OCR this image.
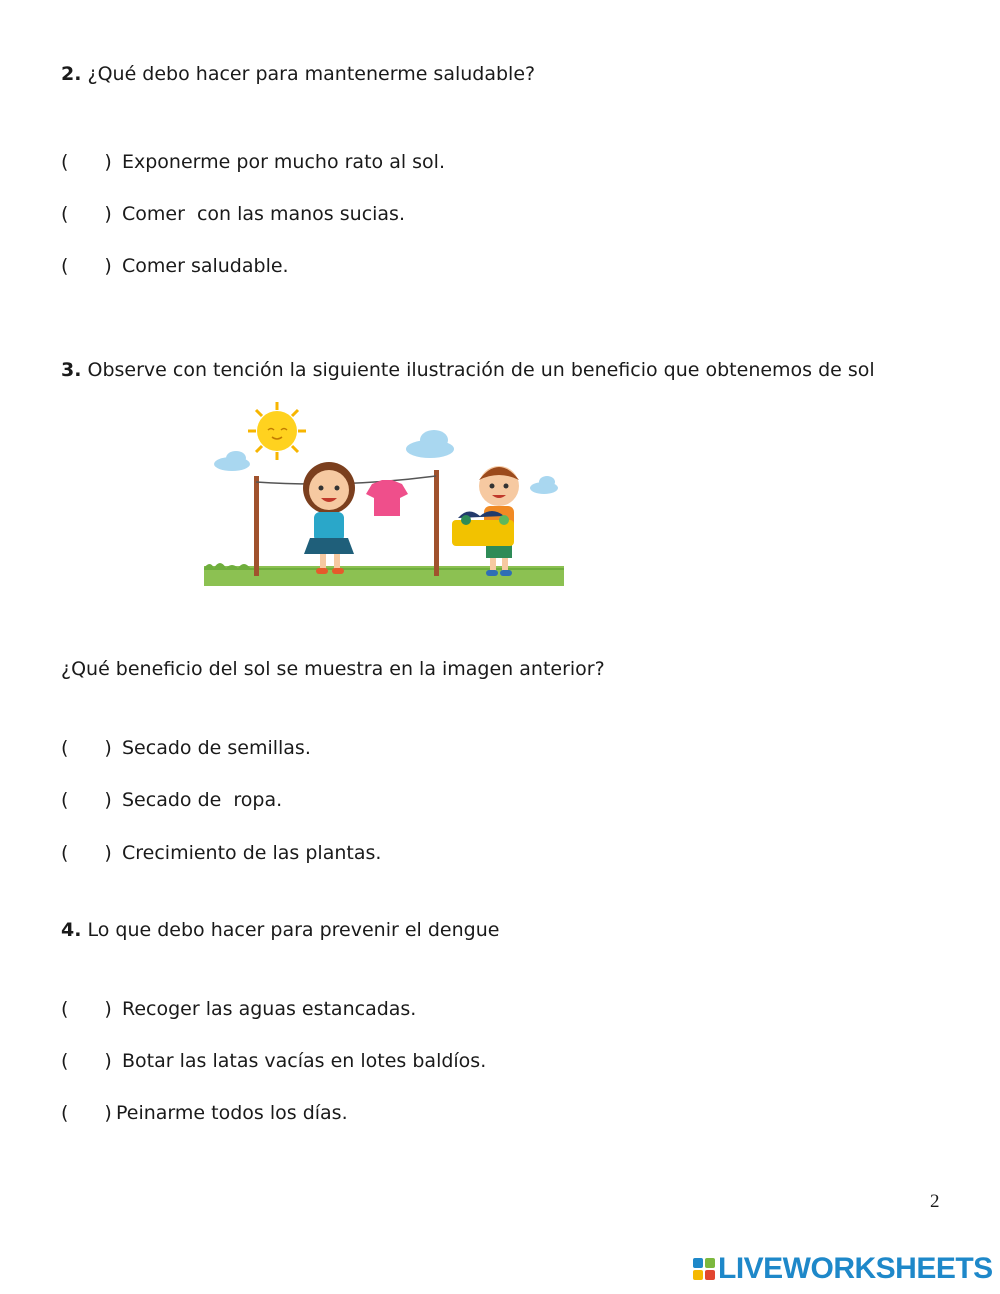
2. ¿Qué debo hacer para mantenerme saludable?
( ) Exponerme por mucho rato al sol.
( ) Comer  con las manos sucias.
( ) Comer saludable.
3. Observe con tención la siguiente ilustración de un beneficio que obtenemos de sol
¿Qué beneficio del sol se muestra en la imagen anterior?
( ) Secado de semillas.
( ) Secado de  ropa.
( ) Crecimiento de las plantas.
4. Lo que debo hacer para prevenir el dengue
( ) Recoger las aguas estancadas.
( ) Botar las latas vacías en lotes baldíos.
( ) Peinarme todos los días.
2
LIVEWORKSHEETS
